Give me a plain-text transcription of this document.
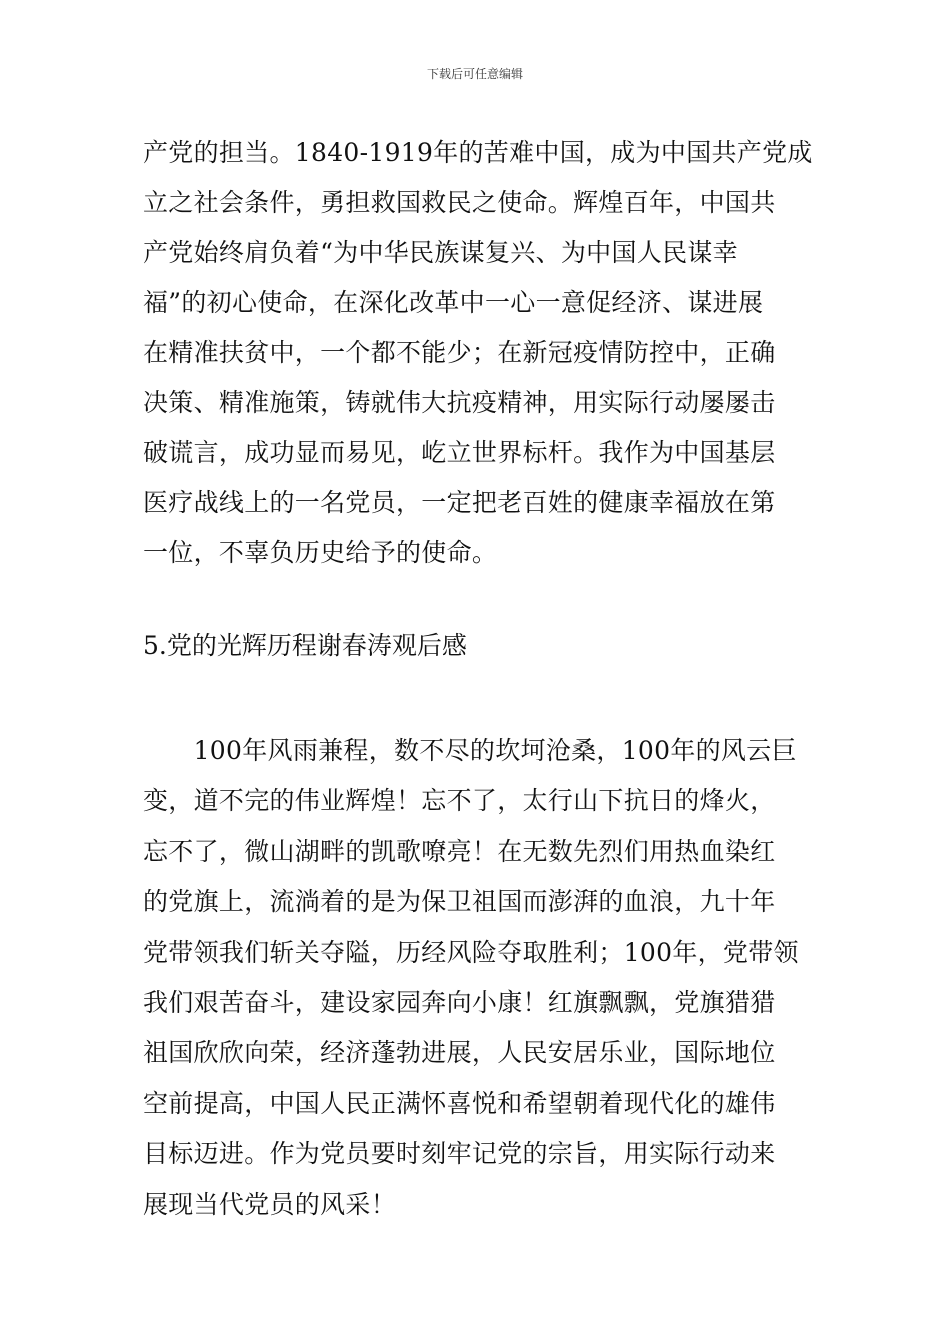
下载后可任意编辑

产党的担当。1840-1919年的苦难中国，成为中国共产党成

立之社会条件，勇担救国救民之使命。辉煌百年，中国共

产党始终肩负着“为中华民族谋复兴、为中国人民谋幸

福”的初心使命，在深化改革中一心一意促经济、谋进展

在精准扶贫中，一个都不能少；在新冠疫情防控中，正确

决策、精准施策，铸就伟大抗疫精神，用实际行动屡屡击

破谎言，成功显而易见，屹立世界标杆。我作为中国基层

医疗战线上的一名党员，一定把老百姓的健康幸福放在第

一位，不辜负历史给予的使命。

5.党的光辉历程谢春涛观后感

　　100年风雨兼程，数不尽的坎坷沧桑，100年的风云巨

变，道不完的伟业辉煌！忘不了，太行山下抗日的烽火，

忘不了，微山湖畔的凯歌嘹亮！在无数先烈们用热血染红

的党旗上，流淌着的是为保卫祖国而澎湃的血浪，九十年

党带领我们斩关夺隘，历经风险夺取胜利；100年，党带领

我们艰苦奋斗，建设家园奔向小康！红旗飘飘，党旗猎猎

祖国欣欣向荣，经济蓬勃进展，人民安居乐业，国际地位

空前提高，中国人民正满怀喜悦和希望朝着现代化的雄伟

目标迈进。作为党员要时刻牢记党的宗旨，用实际行动来

展现当代党员的风采！
